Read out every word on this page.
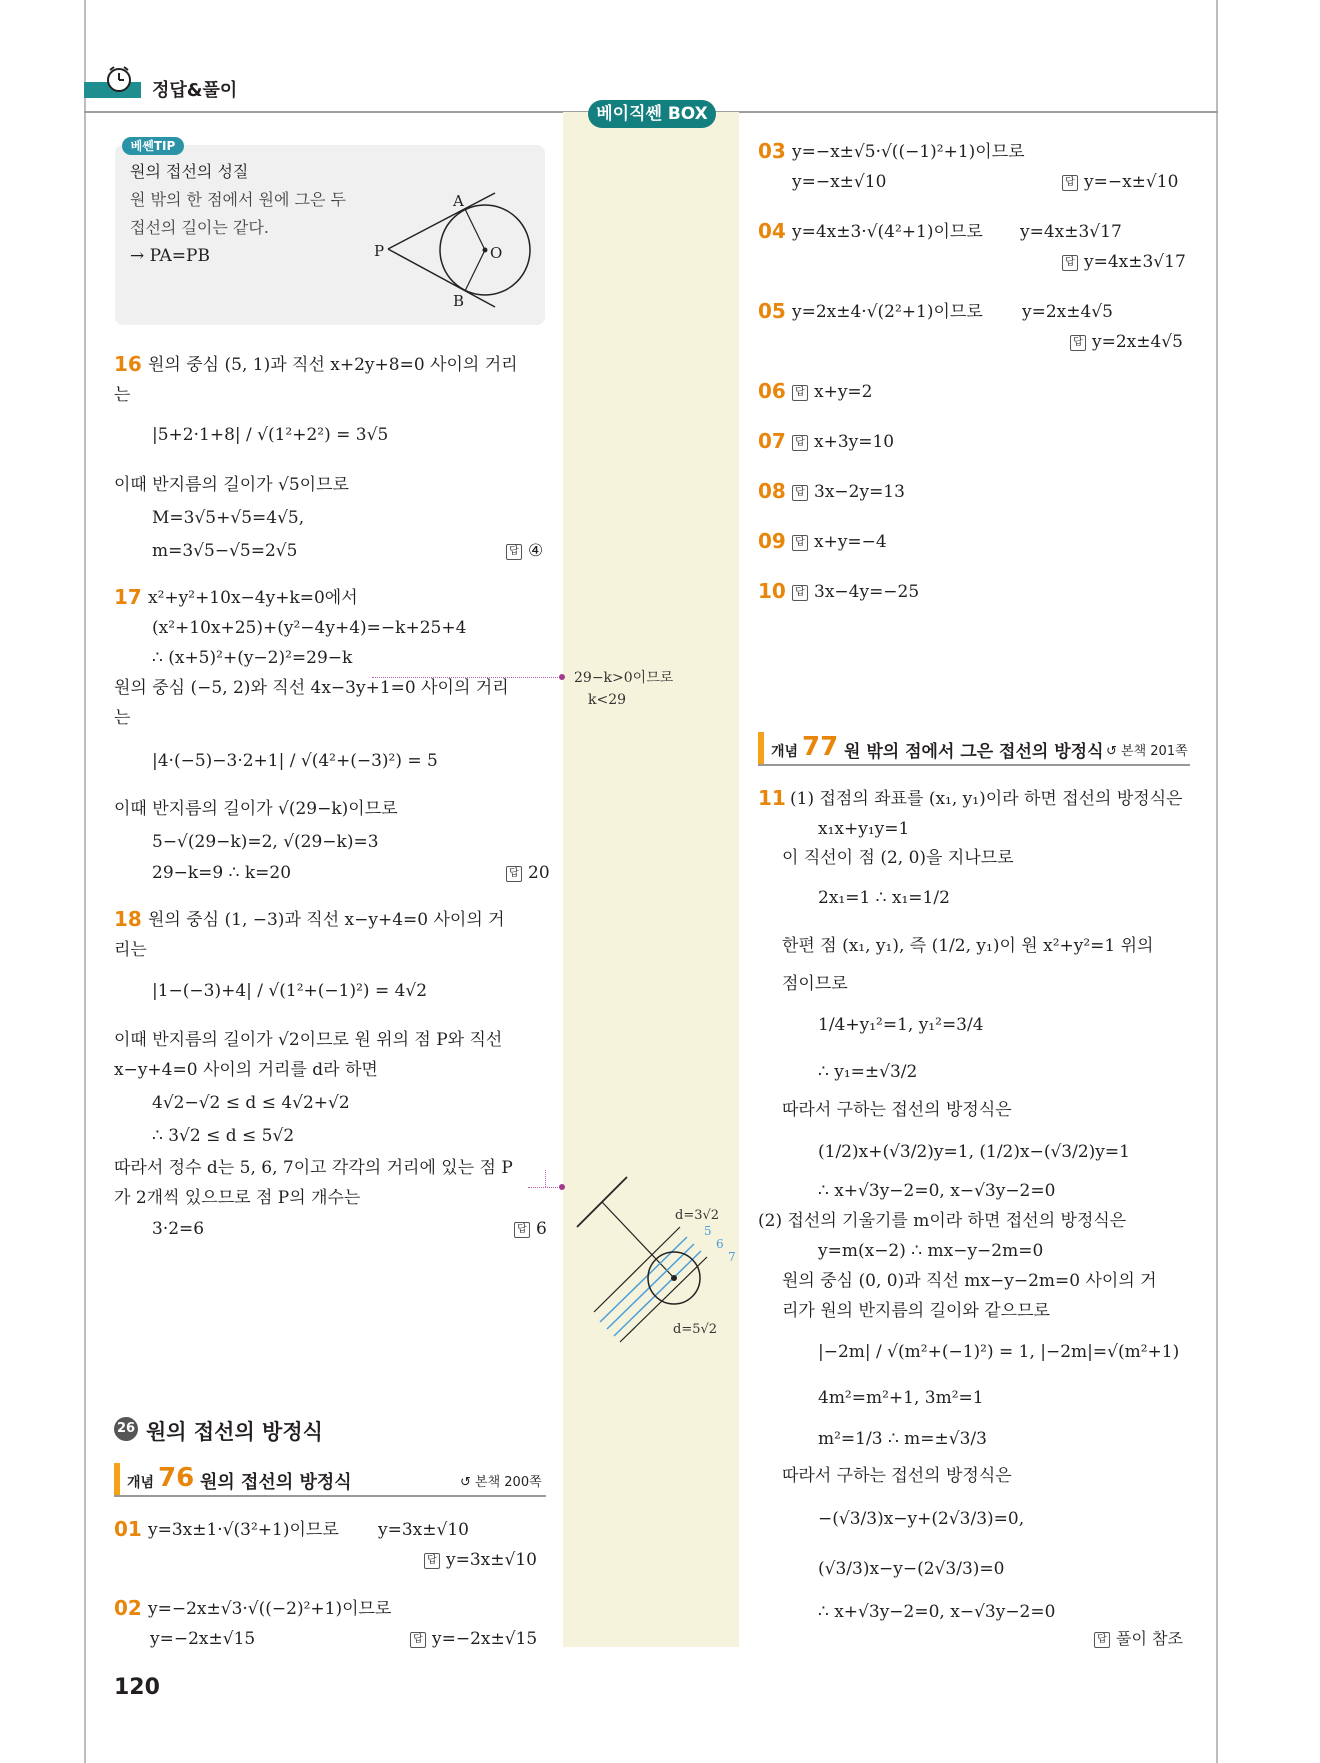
정답&풀이
베이직쎈 BOX
베쎈TIP
원의 접선의 성질
원 밖의 한 점에서 원에 그은 두
접선의 길이는 같다.
→ PA=PB
A
B
P	O
16 원의 중심 (5, 1)과 직선 x+2y+8=0 사이의 거리
는
|5+2·1+8| / √(1²+2²) = 3√5
이때 반지름의 길이가 √5이므로
M=3√5+√5=4√5,
m=3√5−√5=2√5	답 ④
17 x²+y²+10x−4y+k=0에서
(x²+10x+25)+(y²−4y+4)=−k+25+4
∴ (x+5)²+(y−2)²=29−k
원의 중심 (−5, 2)와 직선 4x−3y+1=0 사이의 거리
는
|4·(−5)−3·2+1| / √(4²+(−3)²) = 5
이때 반지름의 길이가 √(29−k)이므로
5−√(29−k)=2, √(29−k)=3
29−k=9 ∴ k=20	답 20
29−k>0이므로
k<29
18 원의 중심 (1, −3)과 직선 x−y+4=0 사이의 거
리는
|1−(−3)+4| / √(1²+(−1)²) = 4√2
이때 반지름의 길이가 √2이므로 원 위의 점 P와 직선
x−y+4=0 사이의 거리를 d라 하면
4√2−√2 ≤ d ≤ 4√2+√2
∴ 3√2 ≤ d ≤ 5√2
따라서 정수 d는 5, 6, 7이고 각각의 거리에 있는 점 P
가 2개씩 있으므로 점 P의 개수는
3·2=6	답 6
d=3√2
5
6
7
d=5√2
26 원의 접선의 방정식
개념 76 원의 접선의 방정식	↺ 본책 200쪽
01 y=3x±1·√(3²+1)이므로 y=3x±√10
답 y=3x±√10
02 y=−2x±√3·√((−2)²+1)이므로
y=−2x±√15	답 y=−2x±√15
03 y=−x±√5·√((−1)²+1)이므로
y=−x±√10	답 y=−x±√10
04 y=4x±3·√(4²+1)이므로 y=4x±3√17
답 y=4x±3√17
05 y=2x±4·√(2²+1)이므로 y=2x±4√5
답 y=2x±4√5
06 답 x+y=2
07 답 x+3y=10
08 답 3x−2y=13
09 답 x+y=−4
10 답 3x−4y=−25
개념 77 원 밖의 점에서 그은 접선의 방정식 ↺ 본책 201쪽
11 (1) 접점의 좌표를 (x₁, y₁)이라 하면 접선의 방정식은
x₁x+y₁y=1
이 직선이 점 (2, 0)을 지나므로
2x₁=1 ∴ x₁=1/2
한편 점 (x₁, y₁), 즉 (1/2, y₁)이 원 x²+y²=1 위의
점이므로
1/4+y₁²=1, y₁²=3/4
∴ y₁=±√3/2
따라서 구하는 접선의 방정식은
(1/2)x+(√3/2)y=1, (1/2)x−(√3/2)y=1
∴ x+√3y−2=0, x−√3y−2=0
(2) 접선의 기울기를 m이라 하면 접선의 방정식은
y=m(x−2) ∴ mx−y−2m=0
원의 중심 (0, 0)과 직선 mx−y−2m=0 사이의 거
리가 원의 반지름의 길이와 같으므로
|−2m| / √(m²+(−1)²) = 1, |−2m|=√(m²+1)
4m²=m²+1, 3m²=1
m²=1/3 ∴ m=±√3/3
따라서 구하는 접선의 방정식은
−(√3/3)x−y+(2√3/3)=0,
(√3/3)x−y−(2√3/3)=0
∴ x+√3y−2=0, x−√3y−2=0
답 풀이 참조
120
